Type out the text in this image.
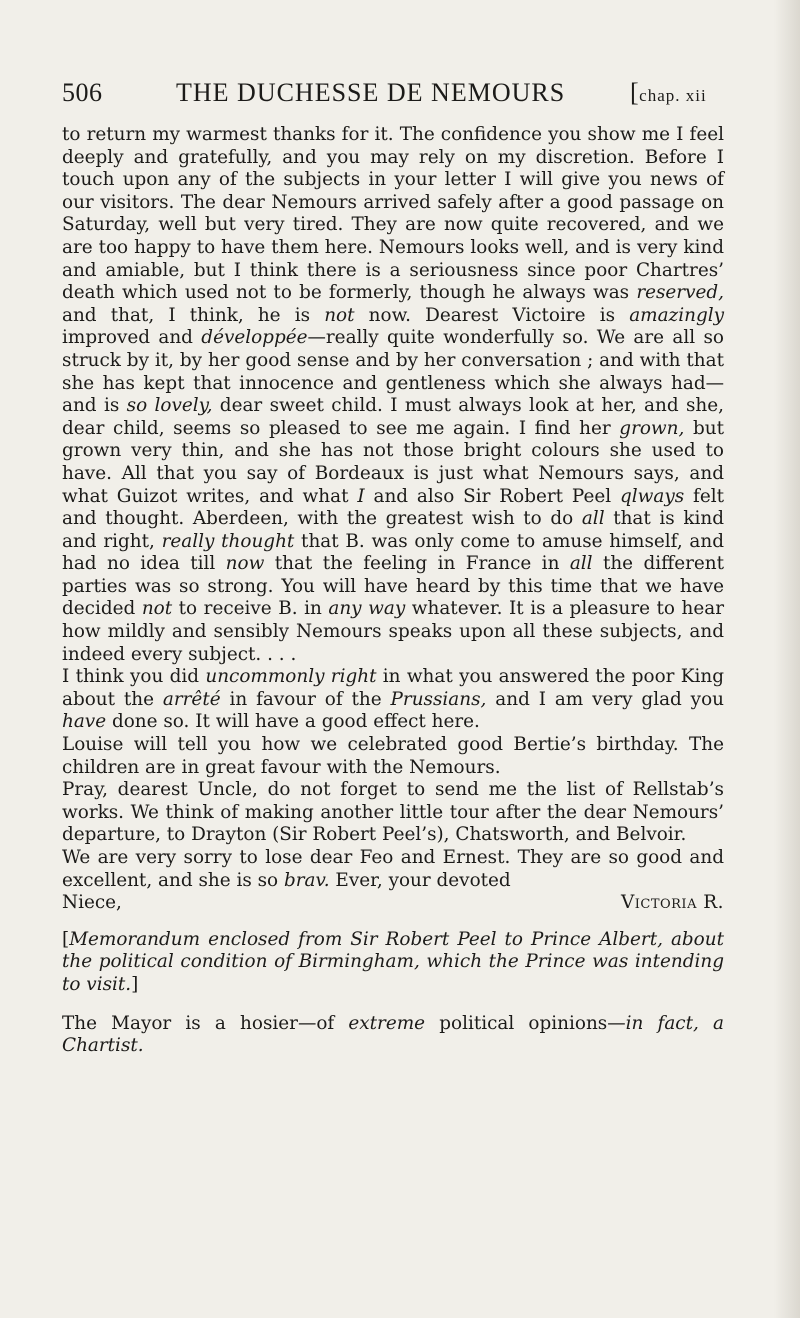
506	THE DUCHESSE DE NEMOURS [chap. xii

to return my warmest thanks for it. The confidence you show me I feel deeply and gratefully, and you may rely on my discretion. Before I touch upon any of the subjects in your letter I will give you news of our visitors. The dear Nemours arrived safely after a good passage on Saturday, well but very tired. They are now quite recovered, and we are too happy to have them here. Nemours looks well, and is very kind and amiable, but I think there is a seriousness since poor Chartres’ death which used not to be formerly, though he always was reserved, and that, I think, he is not now. Dearest Victoire is amazingly improved and développée—really quite wonderfully so. We are all so struck by it, by her good sense and by her conversation ; and with that she has kept that innocence and gentleness which she always had—and is so lovely, dear sweet child. I must always look at her, and she, dear child, seems so pleased to see me again. I find her grown, but grown very thin, and she has not those bright colours she used to have. All that you say of Bordeaux is just what Nemours says, and what Guizot writes, and what I and also Sir Robert Peel qlways felt and thought. Aberdeen, with the greatest wish to do all that is kind and right, really thought that B. was only come to amuse himself, and had no idea till now that the feeling in France in all the different parties was so strong. You will have heard by this time that we have decided not to receive B. in any way whatever. It is a pleasure to hear how mildly and sensibly Nemours speaks upon all these subjects, and indeed every subject. . . .

I think you did uncommonly right in what you answered the poor King about the arrêté in favour of the Prussians, and I am very glad you have done so. It will have a good effect here.

Louise will tell you how we celebrated good Bertie’s birthday. The children are in great favour with the Nemours.

Pray, dearest Uncle, do not forget to send me the list of Rellstab’s works. We think of making another little tour after the dear Nemours’ departure, to Drayton (Sir Robert Peel’s), Chatsworth, and Belvoir.

We are very sorry to lose dear Feo and Ernest. They are so good and excellent, and she is so brav. Ever, your devoted

Niece,	Victoria R.

[Memorandum enclosed from Sir Robert Peel to Prince Albert, about the political condition of Birmingham, which the Prince was intending to visit.]

The Mayor is a hosier—of extreme political opinions—in fact, a Chartist.
